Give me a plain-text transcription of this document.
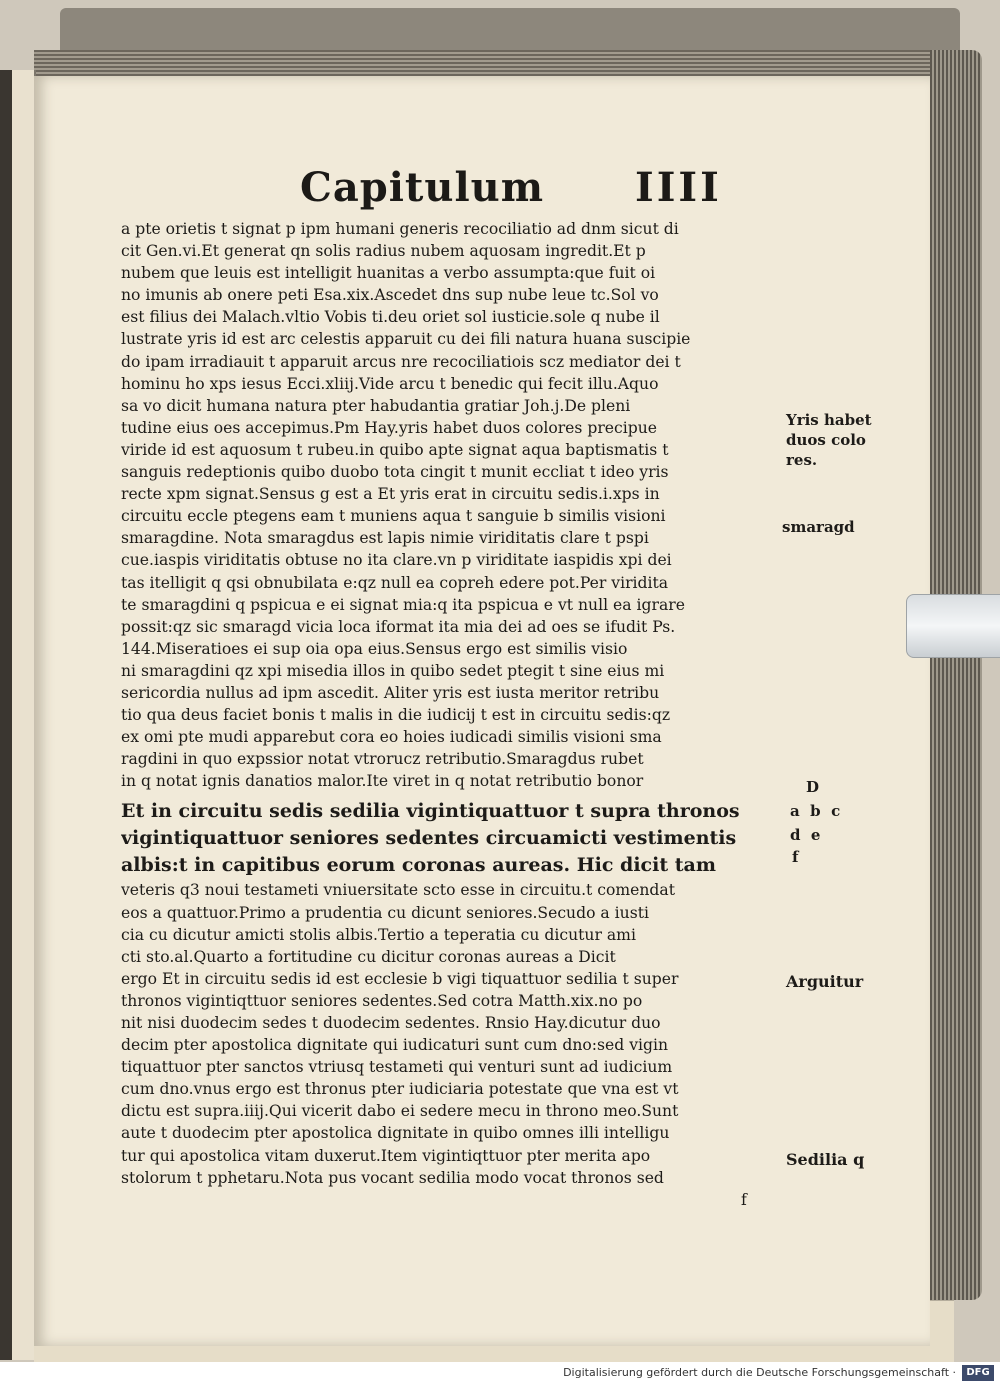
Capitulum IIII
a pte orietis t signat p ipm humani generis recociliatio ad dnm sicut di
cit Gen.vi.Et generat qn solis radius nubem aquosam ingredit.Et p
nubem que leuis est intelligit huanitas a verbo assumpta:que fuit oi
no imunis ab onere peti Esa.xix.Ascedet dns sup nube leue tc.Sol vo
est filius dei Malach.vltio Vobis ti.deu oriet sol iusticie.sole q nube il
lustrate yris id est arc celestis apparuit cu dei fili natura huana suscipie
do ipam irradiauit t apparuit arcus nre recociliatiois scz mediator dei t
hominu ho xps iesus Ecci.xliij.Vide arcu t benedic qui fecit illu.Aquo
sa vo dicit humana natura pter habudantia gratiar Joh.j.De pleni
tudine eius oes accepimus.Pm Hay.yris habet duos colores precipue
viride id est aquosum t rubeu.in quibo apte signat aqua baptismatis t
sanguis redeptionis quibo duobo tota cingit t munit eccliat t ideo yris
recte xpm signat.Sensus g est a Et yris erat in circuitu sedis.i.xps in
circuitu eccle ptegens eam t muniens aqua t sanguie b similis visioni
smaragdine. Nota smaragdus est lapis nimie viriditatis clare t pspi
cue.iaspis viriditatis obtuse no ita clare.vn p viriditate iaspidis xpi dei
tas itelligit q qsi obnubilata e:qz null ea copreh edere pot.Per viridita
te smaragdini q pspicua e ei signat mia:q ita pspicua e vt null ea igrare
possit:qz sic smaragd vicia loca iformat ita mia dei ad oes se ifudit Ps.
144.Miseratioes ei sup oia opa eius.Sensus ergo est similis visio
ni smaragdini qz xpi misedia illos in quibo sedet ptegit t sine eius mi
sericordia nullus ad ipm ascedit. Aliter yris est iusta meritor retribu
tio qua deus faciet bonis t malis in die iudicij t est in circuitu sedis:qz
ex omi pte mudi apparebut cora eo hoies iudicadi similis visioni sma
ragdini in quo expssior notat vtrorucz retributio.Smaragdus rubet
in q notat ignis danatios malor.Ite viret in q notat retributio bonor
Et in circuitu sedis sedilia vigintiquattuor t supra thronos
vigintiquattuor seniores sedentes circuamicti vestimentis
albis:t in capitibus eorum coronas aureas. Hic dicit tam
veteris q3 noui testameti vniuersitate scto esse in circuitu.t comendat
eos a quattuor.Primo a prudentia cu dicunt seniores.Secudo a iusti
cia cu dicutur amicti stolis albis.Tertio a teperatia cu dicutur ami
cti sto.al.Quarto a fortitudine cu dicitur coronas aureas a Dicit
ergo Et in circuitu sedis id est ecclesie b vigi tiquattuor sedilia t super
thronos vigintiqttuor seniores sedentes.Sed cotra Matth.xix.no po
nit nisi duodecim sedes t duodecim sedentes. Rnsio Hay.dicutur duo
decim pter apostolica dignitate qui iudicaturi sunt cum dno:sed vigin
tiquattuor pter sanctos vtriusq testameti qui venturi sunt ad iudicium
cum dno.vnus ergo est thronus pter iudiciaria potestate que vna est vt
dictu est supra.iiij.Qui vicerit dabo ei sedere mecu in throno meo.Sunt
aute t duodecim pter apostolica dignitate in quibo omnes illi intelligu
tur qui apostolica vitam duxerut.Item vigintiqttuor pter merita apo
stolorum t pphetaru.Nota pus vocant sedilia modo vocat thronos sed
f
Yris habet
duos colo
res.
smaragd
D
a  b  c
d  e
f
Arguitur
Sedilia q
Digitalisierung gefördert durch die Deutsche Forschungsgemeinschaft ·	DFG
